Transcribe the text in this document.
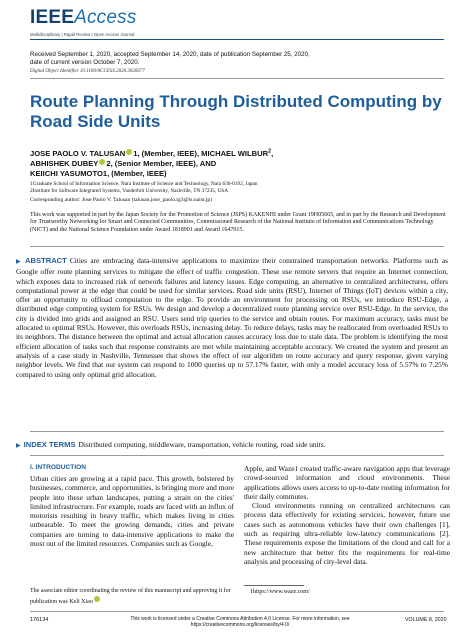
IEEEAccess
Multidisciplinary | Rapid Review | Open Access Journal
Received September 1, 2020, accepted September 14, 2020, date of publication September 25, 2020,
date of current version October 7, 2020.
Digital Object Identifier 10.1109/ACCESS.2020.3026677
Route Planning Through Distributed Computing by Road Side Units
JOSE PAOLO V. TALUSAN 1, (Member, IEEE), MICHAEL WILBUR$^2$,
ABHISHEK DUBEY 2, (Senior Member, IEEE), AND
KEIICHI YASUMOTO1, (Member, IEEE)
1Graduate School of Information Science, Nara Institute of Science and Technology, Nara 630-0192, Japan
2Institute for Software Integrated Systems, Vanderbilt University, Nashville, TN 37235, USA
Corresponding author: Jose Paolo V. Talusan (talusan.jose_paolo.tg3@is.naist.jp)
This work was supported in part by the Japan Society for the Promotion of Science (JSPS) KAKENHI under Grant 19H05665, and in part by the Research and Development for Trustworthy Networking for Smart and Connected Communities, Commissioned Research of the National Institute of Information and Communications Technology (NICT) and the National Science Foundation under Award 1818901 and Award 1647015.
▶ ABSTRACT Cities are embracing data-intensive applications to maximize their constrained transportation networks. Platforms such as Google offer route planning services to mitigate the effect of traffic congestion. These use remote servers that require an Internet connection, which exposes data to increased risk of network failures and latency issues. Edge computing, an alternative to centralized architectures, offers computational power at the edge that could be used for similar services. Road side units (RSU), Internet of Things (IoT) devices within a city, offer an opportunity to offload computation to the edge. To provide an environment for processing on RSUs, we introduce RSU-Edge, a distributed edge computing system for RSUs. We design and develop a decentralized route planning service over RSU-Edge. In the service, the city is divided into grids and assigned an RSU. Users send trip queries to the service and obtain routes. For maximum accuracy, tasks must be allocated to optimal RSUs. However, this overloads RSUs, increasing delay. To reduce delays, tasks may be reallocated from overloaded RSUs to its neighbors. The distance between the optimal and actual allocation causes accuracy loss due to stale data. The problem is identifying the most efficient allocation of tasks such that response constraints are met while maintaining acceptable accuracy. We created the system and present an analysis of a case study in Nashville, Tennessee that shows the effect of our algorithm on route accuracy and query response, given varying neighbor levels. We find that our system can respond to 1000 queries up to 57.17% faster, with only a model accuracy loss of 5.57% to 7.25% compared to using only optimal grid allocation.
▶ INDEX TERMS Distributed computing, middleware, transportation, vehicle routing, road side units.
I. INTRODUCTION
Urban cities are growing at a rapid pace. This growth, bolstered by businesses, commerce, and opportunities, is bringing more and more people into these urban landscapes, putting a strain on the cities' limited infrastructure. For example, roads are faced with an influx of motorists resulting in heavy traffic, which makes living in cities unbearable. To meet the growing demands, cities and private companies are turning to data-intensive applications to make the most out of the limited resources. Companies such as Google,
The associate editor coordinating the review of this manuscript and approving it for publication was Keli Xiao

Apple, and Waze1 created traffic-aware navigation apps that leverage crowd-sourced information and cloud environments. These applications allows users access to up-to-date routing information for their daily commutes.

Cloud environments running on centralized architectures can process data effectively for existing services, however, future use cases such as autonomous vehicles have their own challenges [1], such as requiring ultra-reliable low-latency communications [2]. These requirements expose the limitations of the cloud and call for a new architecture that better fits the requirements for real-time analysis and processing of city-level data.

1https://www.waze.com/
176134	This work is licensed under a Creative Commons Attribution 4.0 License. For more information, see https://creativecommons.org/licenses/by/4.0/
VOLUME 8, 2020
